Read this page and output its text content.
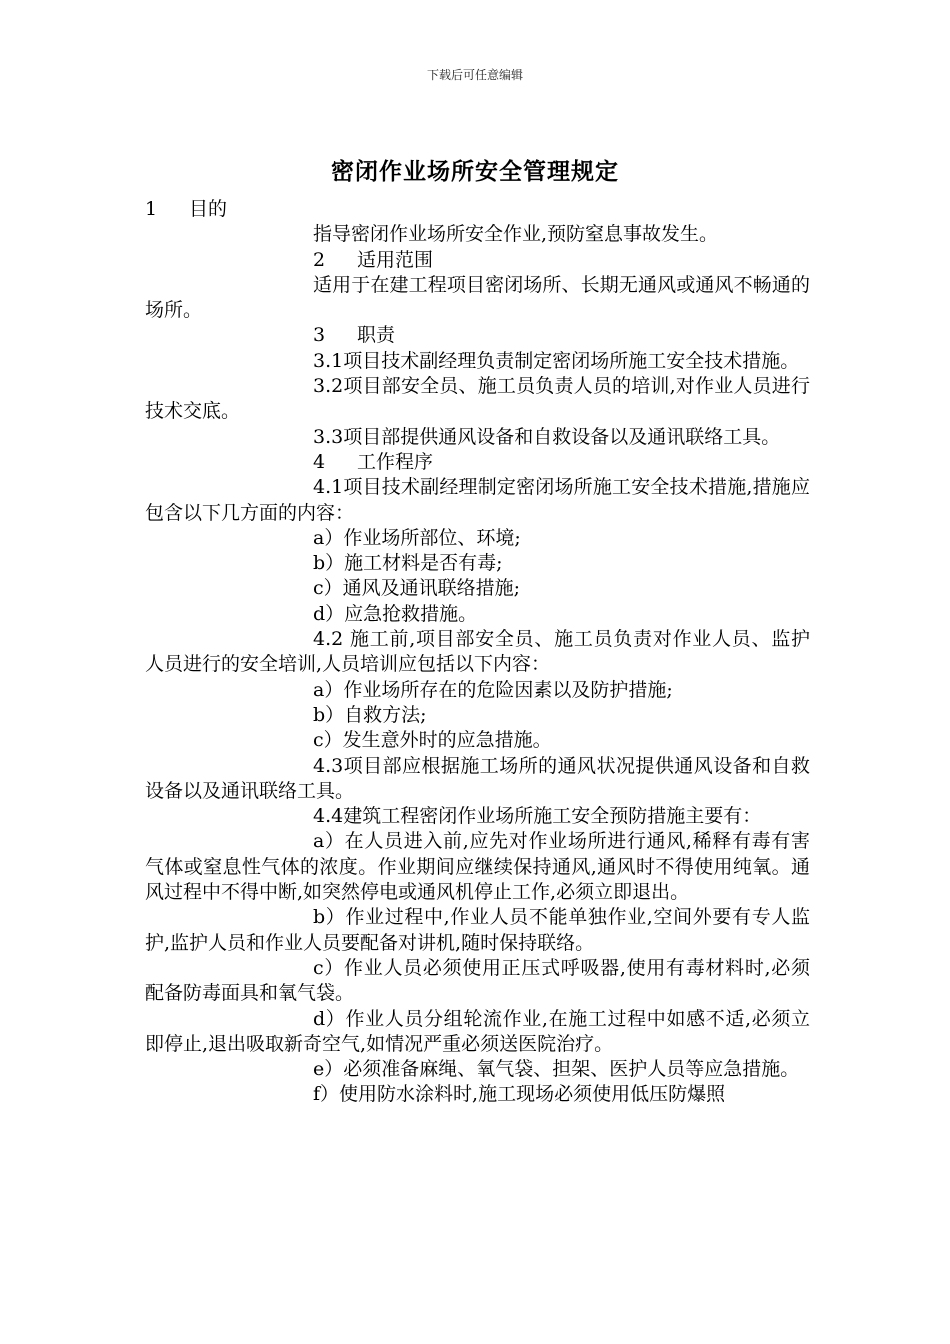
下载后可任意编辑
密闭作业场所安全管理规定

1 目的

指导密闭作业场所安全作业,预防窒息事故发生。

2 适用范围

适用于在建工程项目密闭场所、长期无通风或通风不畅通的场所。

3 职责

3.1项目技术副经理负责制定密闭场所施工安全技术措施。

3.2项目部安全员、施工员负责人员的培训,对作业人员进行技术交底。

3.3项目部提供通风设备和自救设备以及通讯联络工具。

4 工作程序

4.1项目技术副经理制定密闭场所施工安全技术措施,措施应包含以下几方面的内容：

a）作业场所部位、环境;

b）施工材料是否有毒;

c）通风及通讯联络措施;

d）应急抢救措施。

4.2 施工前,项目部安全员、施工员负责对作业人员、监护人员进行的安全培训,人员培训应包括以下内容：

a）作业场所存在的危险因素以及防护措施;

b）自救方法;

c）发生意外时的应急措施。

4.3项目部应根据施工场所的通风状况提供通风设备和自救设备以及通讯联络工具。

4.4建筑工程密闭作业场所施工安全预防措施主要有：

a）在人员进入前,应先对作业场所进行通风,稀释有毒有害气体或窒息性气体的浓度。作业期间应继续保持通风,通风时不得使用纯氧。通风过程中不得中断,如突然停电或通风机停止工作,必须立即退出。

b）作业过程中,作业人员不能单独作业,空间外要有专人监护,监护人员和作业人员要配备对讲机,随时保持联络。

c）作业人员必须使用正压式呼吸器,使用有毒材料时,必须配备防毒面具和氧气袋。

d）作业人员分组轮流作业,在施工过程中如感不适,必须立即停止,退出吸取新奇空气,如情况严重必须送医院治疗。

e）必须准备麻绳、氧气袋、担架、医护人员等应急措施。

f）使用防水涂料时,施工现场必须使用低压防爆照
